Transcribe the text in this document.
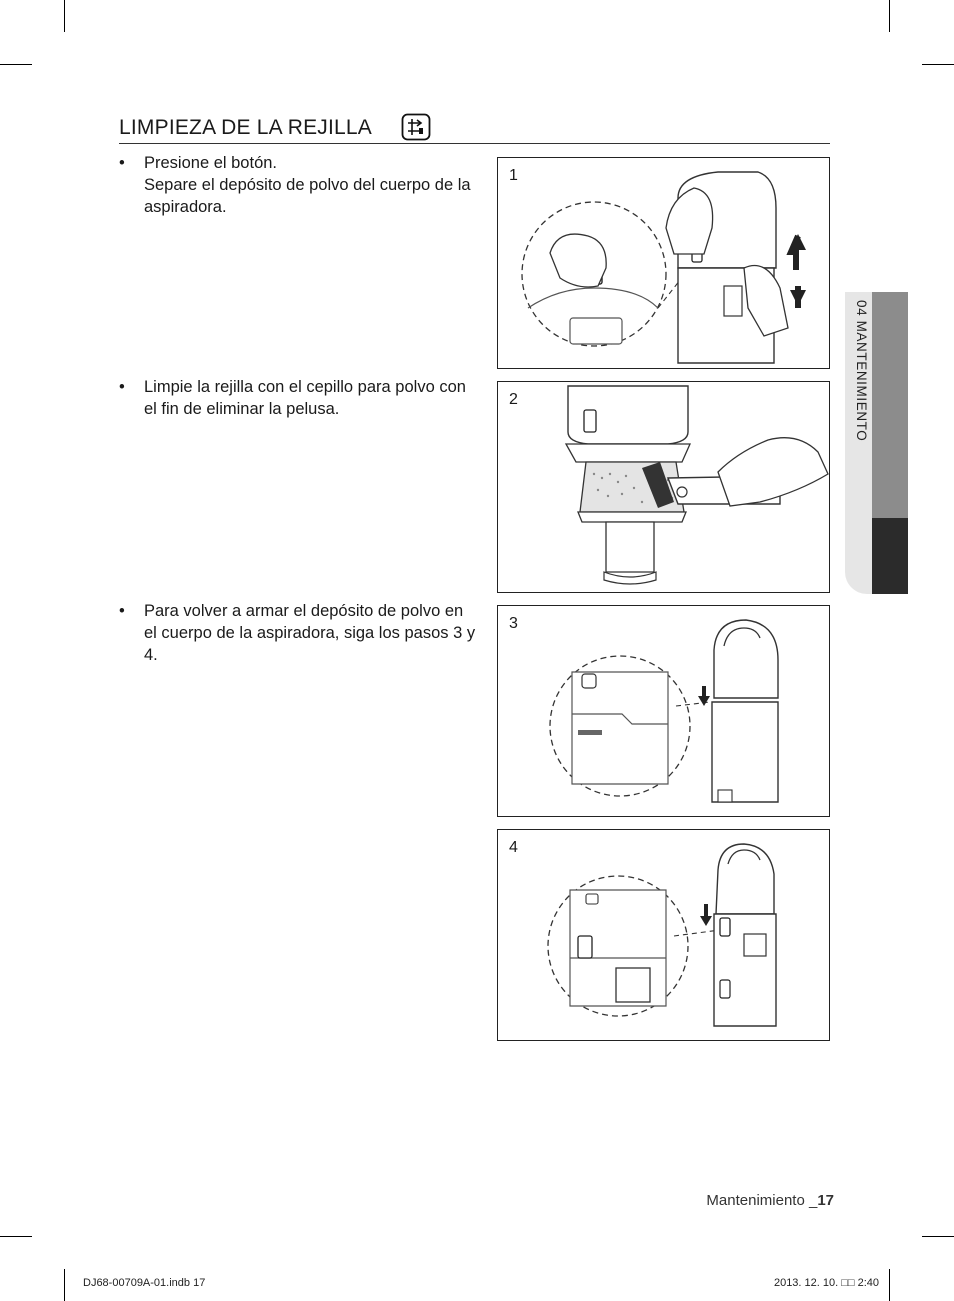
LIMPIEZA DE LA REJILLA
• Presione el botón.
Separe el depósito de polvo del cuerpo de la aspiradora.
• Limpie la rejilla con el cepillo para polvo con el fin de eliminar la pelusa.
• Para volver a armar el depósito de polvo en el cuerpo de la aspiradora, siga los pasos 3 y 4.
1
2
3
4
04 MANTENIMIENTO
Mantenimiento _17
DJ68-00709A-01.indb 17	2013. 12. 10. □□ 2:40
